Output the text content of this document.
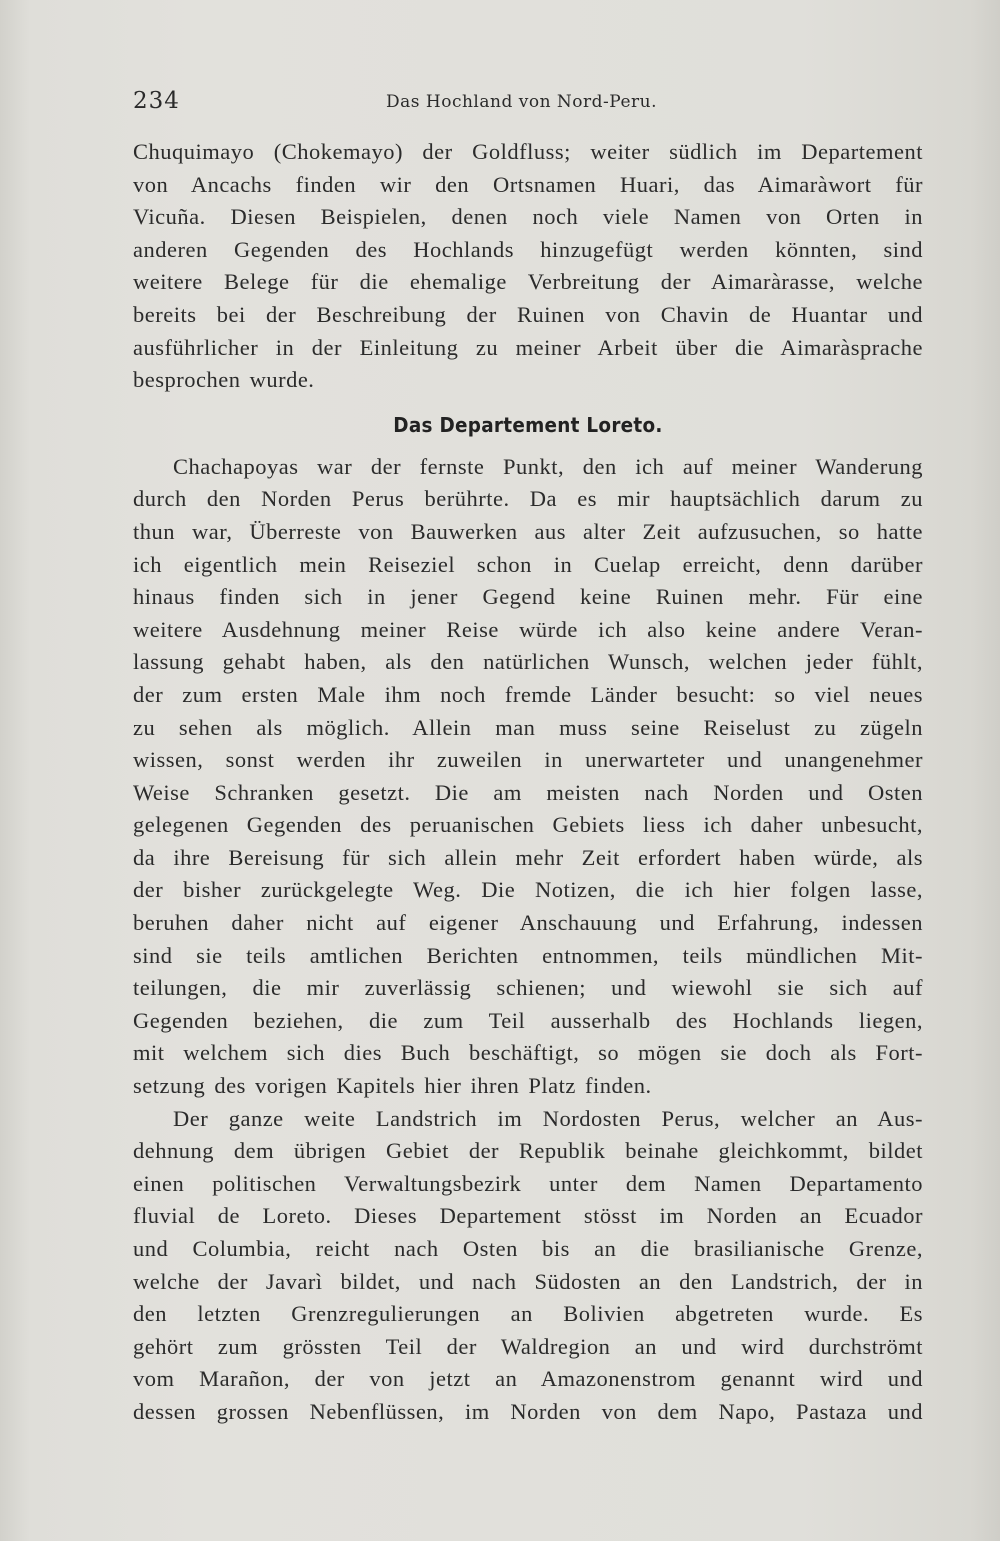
234	Das Hochland von Nord-Peru.
Chuquimayo (Chokemayo) der Goldfluss; weiter südlich im Departement
von Ancachs finden wir den Ortsnamen Huari, das Aimaràwort für
Vicuña. Diesen Beispielen, denen noch viele Namen von Orten in
anderen Gegenden des Hochlands hinzugefügt werden könnten, sind
weitere Belege für die ehemalige Verbreitung der Aimaràrasse, welche
bereits bei der Beschreibung der Ruinen von Chavin de Huantar und
ausführlicher in der Einleitung zu meiner Arbeit über die Aimaràsprache
besprochen wurde.
Das Departement Loreto.
Chachapoyas war der fernste Punkt, den ich auf meiner Wanderung
durch den Norden Perus berührte. Da es mir hauptsächlich darum zu
thun war, Überreste von Bauwerken aus alter Zeit aufzusuchen, so hatte
ich eigentlich mein Reiseziel schon in Cuelap erreicht, denn darüber
hinaus finden sich in jener Gegend keine Ruinen mehr. Für eine
weitere Ausdehnung meiner Reise würde ich also keine andere Veran-
lassung gehabt haben, als den natürlichen Wunsch, welchen jeder fühlt,
der zum ersten Male ihm noch fremde Länder besucht: so viel neues
zu sehen als möglich. Allein man muss seine Reiselust zu zügeln
wissen, sonst werden ihr zuweilen in unerwarteter und unangenehmer
Weise Schranken gesetzt. Die am meisten nach Norden und Osten
gelegenen Gegenden des peruanischen Gebiets liess ich daher unbesucht,
da ihre Bereisung für sich allein mehr Zeit erfordert haben würde, als
der bisher zurückgelegte Weg. Die Notizen, die ich hier folgen lasse,
beruhen daher nicht auf eigener Anschauung und Erfahrung, indessen
sind sie teils amtlichen Berichten entnommen, teils mündlichen Mit-
teilungen, die mir zuverlässig schienen; und wiewohl sie sich auf
Gegenden beziehen, die zum Teil ausserhalb des Hochlands liegen,
mit welchem sich dies Buch beschäftigt, so mögen sie doch als Fort-
setzung des vorigen Kapitels hier ihren Platz finden.
Der ganze weite Landstrich im Nordosten Perus, welcher an Aus-
dehnung dem übrigen Gebiet der Republik beinahe gleichkommt, bildet
einen politischen Verwaltungsbezirk unter dem Namen Departamento
fluvial de Loreto. Dieses Departement stösst im Norden an Ecuador
und Columbia, reicht nach Osten bis an die brasilianische Grenze,
welche der Javarì bildet, und nach Südosten an den Landstrich, der in
den letzten Grenzregulierungen an Bolivien abgetreten wurde. Es
gehört zum grössten Teil der Waldregion an und wird durchströmt
vom Marañon, der von jetzt an Amazonenstrom genannt wird und
dessen grossen Nebenflüssen, im Norden von dem Napo, Pastaza und
